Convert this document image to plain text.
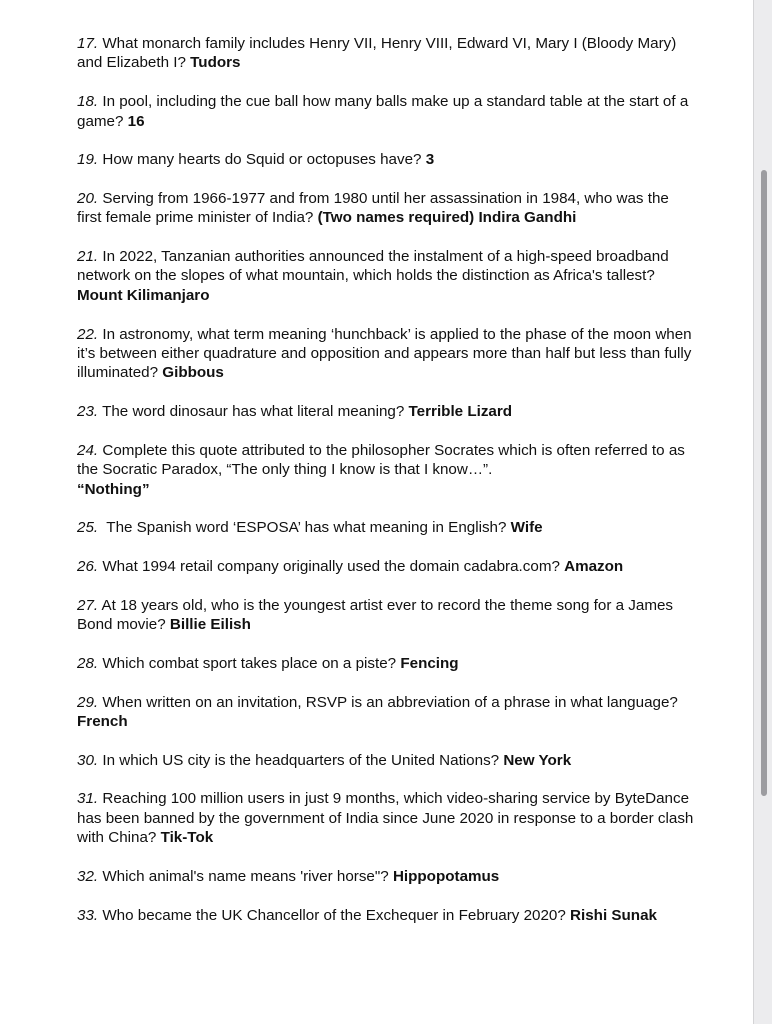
17. What monarch family includes Henry VII, Henry VIII, Edward VI, Mary I (Bloody Mary) and Elizabeth I? Tudors

18. In pool, including the cue ball how many balls make up a standard table at the start of a game? 16

19. How many hearts do Squid or octopuses have? 3

20. Serving from 1966-1977 and from 1980 until her assassination in 1984, who was the first female prime minister of India? (Two names required) Indira Gandhi

21. In 2022, Tanzanian authorities announced the instalment of a high-speed broadband network on the slopes of what mountain, which holds the distinction as Africa's tallest? Mount Kilimanjaro

22. In astronomy, what term meaning ‘hunchback’ is applied to the phase of the moon when it’s between either quadrature and opposition and appears more than half but less than fully illuminated? Gibbous

23. The word dinosaur has what literal meaning? Terrible Lizard

24. Complete this quote attributed to the philosopher Socrates which is often referred to as the Socratic Paradox, “The only thing I know is that I know…”.
“Nothing”

25.  The Spanish word ‘ESPOSA’ has what meaning in English? Wife

26. What 1994 retail company originally used the domain cadabra.com? Amazon

27. At 18 years old, who is the youngest artist ever to record the theme song for a James Bond movie? Billie Eilish

28. Which combat sport takes place on a piste? Fencing

29. When written on an invitation, RSVP is an abbreviation of a phrase in what language? French

30. In which US city is the headquarters of the United Nations? New York

31. Reaching 100 million users in just 9 months, which video-sharing service by ByteDance has been banned by the government of India since June 2020 in response to a border clash with China? Tik-Tok

32. Which animal's name means 'river horse"? Hippopotamus

33. Who became the UK Chancellor of the Exchequer in February 2020? Rishi Sunak
